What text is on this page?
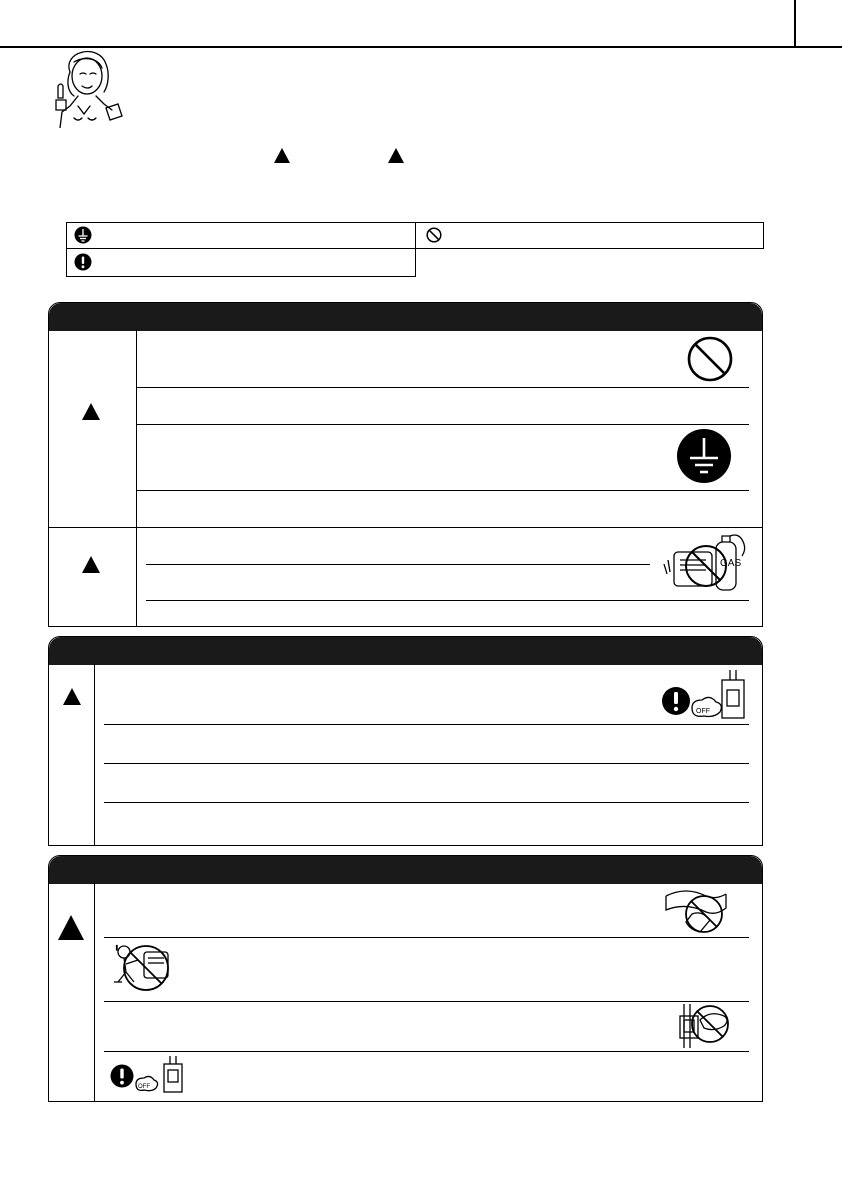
GAS
OFF
!
OFF
